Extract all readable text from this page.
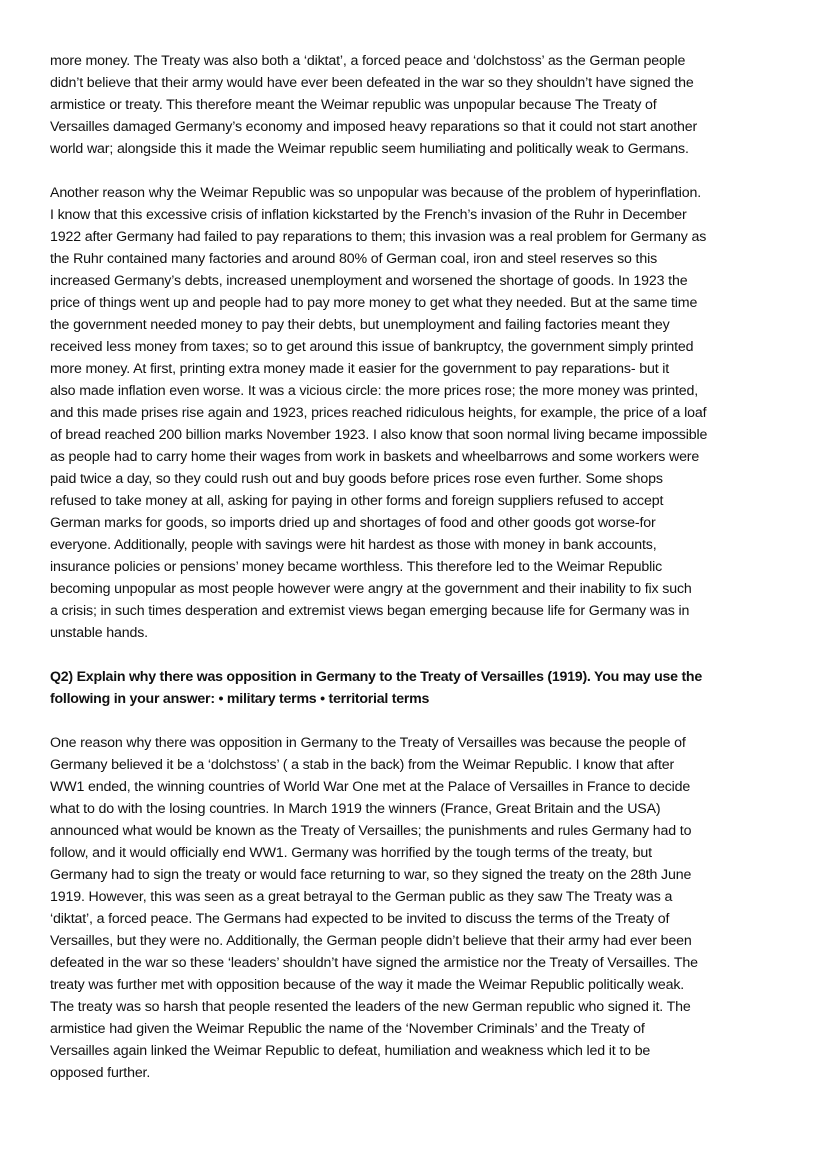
more money. The Treaty was also both a ‘diktat’, a forced peace and ‘dolchstoss’ as the German people
didn’t believe that their army would have ever been defeated in the war so they shouldn’t have signed the
armistice or treaty. This therefore meant the Weimar republic was unpopular because The Treaty of
Versailles damaged Germany’s economy and imposed heavy reparations so that it could not start another
world war; alongside this it made the Weimar republic seem humiliating and politically weak to Germans.
Another reason why the Weimar Republic was so unpopular was because of the problem of hyperinflation.
I know that this excessive crisis of inflation kickstarted by the French’s invasion of the Ruhr in December
1922 after Germany had failed to pay reparations to them; this invasion was a real problem for Germany as
the Ruhr contained many factories and around 80% of German coal, iron and steel reserves so this
increased Germany’s debts, increased unemployment and worsened the shortage of goods. In 1923 the
price of things went up and people had to pay more money to get what they needed. But at the same time
the government needed money to pay their debts, but unemployment and failing factories meant they
received less money from taxes; so to get around this issue of bankruptcy, the government simply printed
more money. At first, printing extra money made it easier for the government to pay reparations- but it
also made inflation even worse. It was a vicious circle: the more prices rose; the more money was printed,
and this made prises rise again and 1923, prices reached ridiculous heights, for example, the price of a loaf
of bread reached 200 billion marks November 1923. I also know that soon normal living became impossible
as people had to carry home their wages from work in baskets and wheelbarrows and some workers were
paid twice a day, so they could rush out and buy goods before prices rose even further. Some shops
refused to take money at all, asking for paying in other forms and foreign suppliers refused to accept
German marks for goods, so imports dried up and shortages of food and other goods got worse-for
everyone. Additionally, people with savings were hit hardest as those with money in bank accounts,
insurance policies or pensions’ money became worthless. This therefore led to the Weimar Republic
becoming unpopular as most people however were angry at the government and their inability to fix such
a crisis; in such times desperation and extremist views began emerging because life for Germany was in
unstable hands.
Q2) Explain why there was opposition in Germany to the Treaty of Versailles (1919). You may use the
following in your answer: • military terms • territorial terms
One reason why there was opposition in Germany to the Treaty of Versailles was because the people of
Germany believed it be a ‘dolchstoss’ ( a stab in the back) from the Weimar Republic. I know that after
WW1 ended, the winning countries of World War One met at the Palace of Versailles in France to decide
what to do with the losing countries. In March 1919 the winners (France, Great Britain and the USA)
announced what would be known as the Treaty of Versailles; the punishments and rules Germany had to
follow, and it would officially end WW1. Germany was horrified by the tough terms of the treaty, but
Germany had to sign the treaty or would face returning to war, so they signed the treaty on the 28th June
1919. However, this was seen as a great betrayal to the German public as they saw The Treaty was a
‘diktat’, a forced peace. The Germans had expected to be invited to discuss the terms of the Treaty of
Versailles, but they were no. Additionally, the German people didn’t believe that their army had ever been
defeated in the war so these ‘leaders’ shouldn’t have signed the armistice nor the Treaty of Versailles. The
treaty was further met with opposition because of the way it made the Weimar Republic politically weak.
The treaty was so harsh that people resented the leaders of the new German republic who signed it. The
armistice had given the Weimar Republic the name of the ‘November Criminals’ and the Treaty of
Versailles again linked the Weimar Republic to defeat, humiliation and weakness which led it to be
opposed further.
